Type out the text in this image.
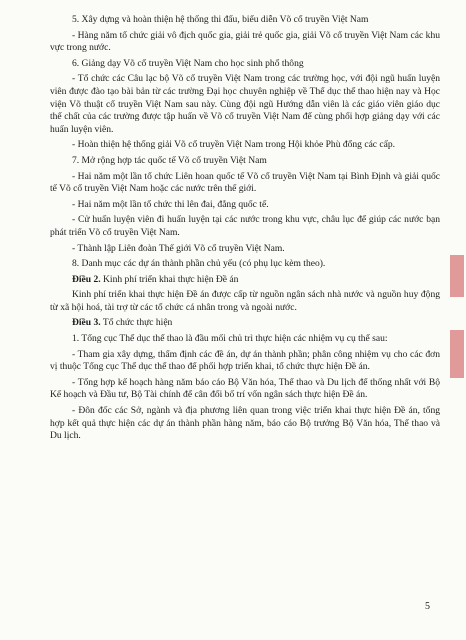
5. Xây dựng và hoàn thiện hệ thống thi đấu, biểu diễn Võ cổ truyền Việt Nam

- Hàng năm tổ chức giải vô địch quốc gia, giải trẻ quốc gia, giải Võ cổ truyền Việt Nam các khu vực trong nước.

6. Giảng dạy Võ cổ truyền Việt Nam cho học sinh phổ thông

- Tổ chức các Câu lạc bộ Võ cổ truyền Việt Nam trong các trường học, với đội ngũ huấn luyện viên được đào tạo bài bản từ các trường Đại học chuyên nghiệp về Thể dục thể thao hiện nay và Học viện Võ thuật cổ truyền Việt Nam sau này. Cùng đội ngũ Hướng dẫn viên là các giáo viên giáo dục thể chất của các trường được tập huấn về Võ cổ truyền Việt Nam để cùng phối hợp giảng dạy với các huấn luyện viên.

- Hoàn thiện hệ thống giải Võ cổ truyền Việt Nam trong Hội khỏe Phù đổng các cấp.

7. Mở rộng hợp tác quốc tế Võ cổ truyền Việt Nam

- Hai năm một lần tổ chức Liên hoan quốc tế Võ cổ truyền Việt Nam tại Bình Định và giải quốc tế Võ cổ truyền Việt Nam hoặc các nước trên thế giới.

- Hai năm một lần tổ chức thi lên đai, đẳng quốc tế.

- Cử huấn luyện viên đi huấn luyện tại các nước trong khu vực, châu lục để giúp các nước bạn phát triển Võ cổ truyền Việt Nam.

- Thành lập Liên đoàn Thế giới Võ cổ truyền Việt Nam.

8. Danh mục các dự án thành phần chủ yếu (có phụ lục kèm theo).

Điều 2. Kinh phí triển khai thực hiện Đề án

Kinh phí triển khai thực hiện Đề án được cấp từ nguồn ngân sách nhà nước và nguồn huy động từ xã hội hoá, tài trợ từ các tổ chức cá nhân trong và ngoài nước.

Điều 3. Tổ chức thực hiện

1. Tổng cục Thể dục thể thao là đầu mối chủ trì thực hiện các nhiệm vụ cụ thể sau:

- Tham gia xây dựng, thẩm định các đề án, dự án thành phần; phân công nhiệm vụ cho các đơn vị thuộc Tổng cục Thể dục thể thao để phối hợp triển khai, tổ chức thực hiện Đề án.

- Tổng hợp kế hoạch hàng năm báo cáo Bộ Văn hóa, Thể thao và Du lịch để thống nhất với Bộ Kế hoạch và Đầu tư, Bộ Tài chính để cân đối bố trí vốn ngân sách thực hiện Đề án.

- Đôn đốc các Sở, ngành và địa phương liên quan trong việc triển khai thực hiện Đề án, tổng hợp kết quả thực hiện các dự án thành phần hàng năm, báo cáo Bộ trưởng Bộ Văn hóa, Thể thao và Du lịch.

5
